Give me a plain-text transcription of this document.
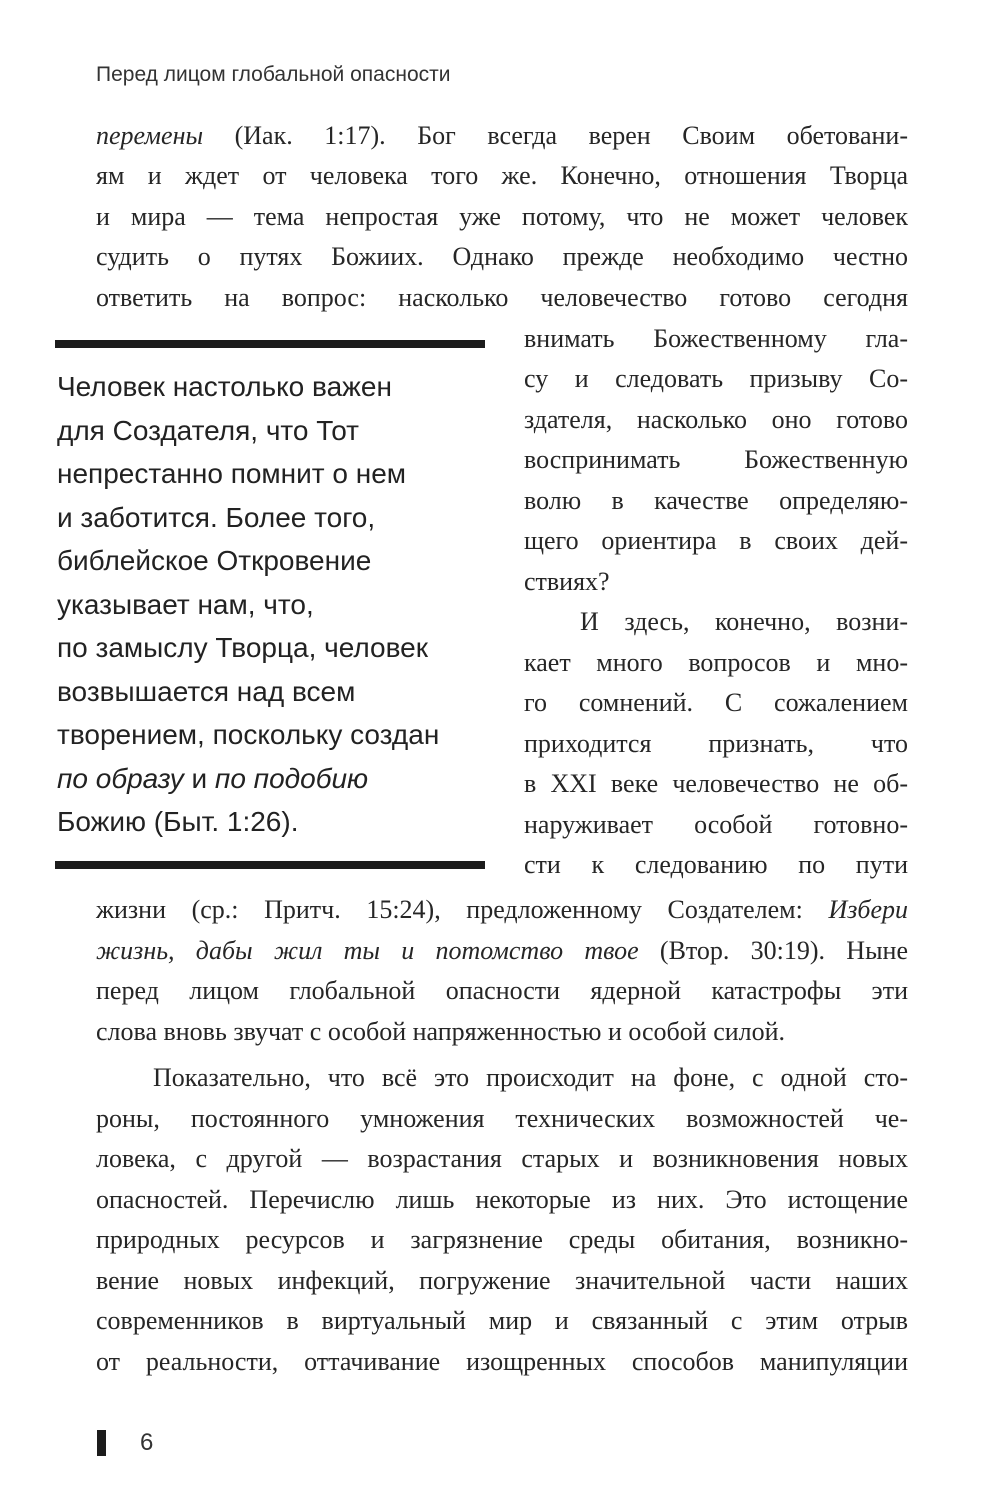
Перед лицом глобальной опасности
перемены (Иак. 1:17). Бог всегда верен Своим обетовани-
ям и ждет от человека того же. Конечно, отношения Творца
и мира — тема непростая уже потому, что не может человек
судить о путях Божиих. Однако прежде необходимо честно
ответить на вопрос: насколько человечество готово сегодня
Человек настолько важен
для Создателя, что Тот
непрестанно помнит о нем
и заботится. Более того,
библейское Откровение
указывает нам, что,
по замыслу Творца, человек
возвышается над всем
творением, поскольку создан
по образу и по подобию
Божию (Быт. 1:26).
внимать Божественному гла-
су и следовать призыву Со-
здателя, насколько оно готово
воспринимать Божественную
волю в качестве определяю-
щего ориентира в своих дей-
ствиях?
И здесь, конечно, возни-
кает много вопросов и мно-
го сомнений. С сожалением
приходится признать, что
в XXI веке человечество не об-
наруживает особой готовно-
сти к следованию по пути
жизни (ср.: Притч. 15:24), предложенному Создателем: Избери
жизнь, дабы жил ты и потомство твое (Втор. 30:19). Ныне
перед лицом глобальной опасности ядерной катастрофы эти
слова вновь звучат с особой напряженностью и особой силой.
Показательно, что всё это происходит на фоне, с одной сто-
роны, постоянного умножения технических возможностей че-
ловека, с другой — возрастания старых и возникновения новых
опасностей. Перечислю лишь некоторые из них. Это истощение
природных ресурсов и загрязнение среды обитания, возникно-
вение новых инфекций, погружение значительной части наших
современников в виртуальный мир и связанный с этим отрыв
от реальности, оттачивание изощренных способов манипуляции
6
